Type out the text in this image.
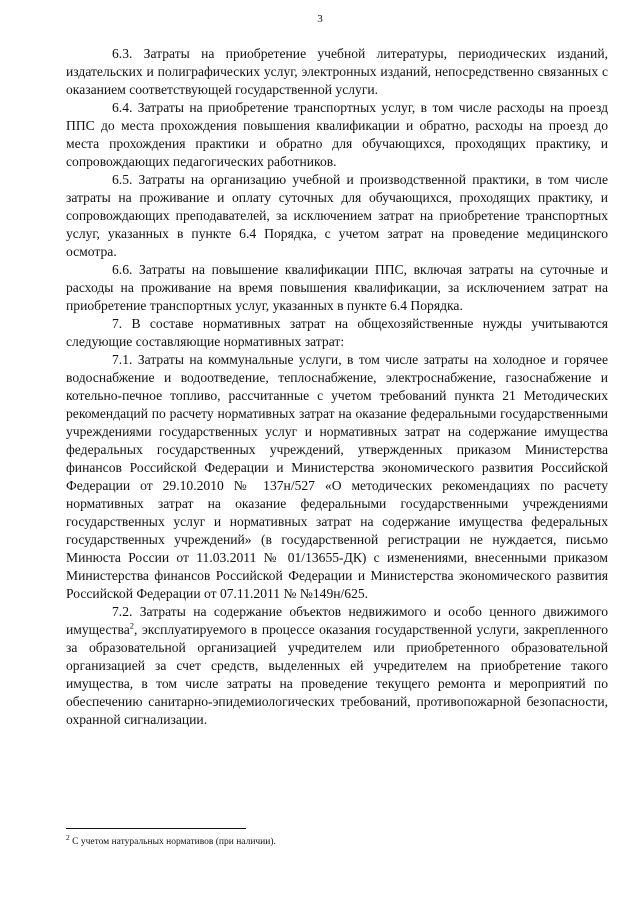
3

6.3. Затраты на приобретение учебной литературы, периодических изданий, издательских и полиграфических услуг, электронных изданий, непосредственно связанных с оказанием соответствующей государственной услуги.

6.4. Затраты на приобретение транспортных услуг, в том числе расходы на проезд ППС до места прохождения повышения квалификации и обратно, расходы на проезд до места прохождения практики и обратно для обучающихся, проходящих практику, и сопровождающих педагогических работников.

6.5. Затраты на организацию учебной и производственной практики, в том числе затраты на проживание и оплату суточных для обучающихся, проходящих практику, и сопровождающих преподавателей, за исключением затрат на приобретение транспортных услуг, указанных в пункте 6.4 Порядка, с учетом затрат на проведение медицинского осмотра.

6.6. Затраты на повышение квалификации ППС, включая затраты на суточные и расходы на проживание на время повышения квалификации, за исключением затрат на приобретение транспортных услуг, указанных в пункте 6.4 Порядка.

7. В составе нормативных затрат на общехозяйственные нужды учитываются следующие составляющие нормативных затрат:

7.1. Затраты на коммунальные услуги, в том числе затраты на холодное и горячее водоснабжение и водоотведение, теплоснабжение, электроснабжение, газоснабжение и котельно-печное топливо, рассчитанные с учетом требований пункта 21 Методических рекомендаций по расчету нормативных затрат на оказание федеральными государственными учреждениями государственных услуг и нормативных затрат на содержание имущества федеральных государственных учреждений, утвержденных приказом Министерства финансов Российской Федерации и Министерства экономического развития Российской Федерации от 29.10.2010 № 137н/527 «О методических рекомендациях по расчету нормативных затрат на оказание федеральными государственными учреждениями государственных услуг и нормативных затрат на содержание имущества федеральных государственных учреждений» (в государственной регистрации не нуждается, письмо Минюста России от 11.03.2011 № 01/13655-ДК) с изменениями, внесенными приказом Министерства финансов Российской Федерации и Министерства экономического развития Российской Федерации от 07.11.2011 № №149н/625.

7.2. Затраты на содержание объектов недвижимого и особо ценного движимого имущества$^2$, эксплуатируемого в процессе оказания государственной услуги, закрепленного за образовательной организацией учредителем или приобретенного образовательной организацией за счет средств, выделенных ей учредителем на приобретение такого имущества, в том числе затраты на проведение текущего ремонта и мероприятий по обеспечению санитарно-эпидемиологических требований, противопожарной безопасности, охранной сигнализации.

$^2$ С учетом натуральных нормативов (при наличии).
